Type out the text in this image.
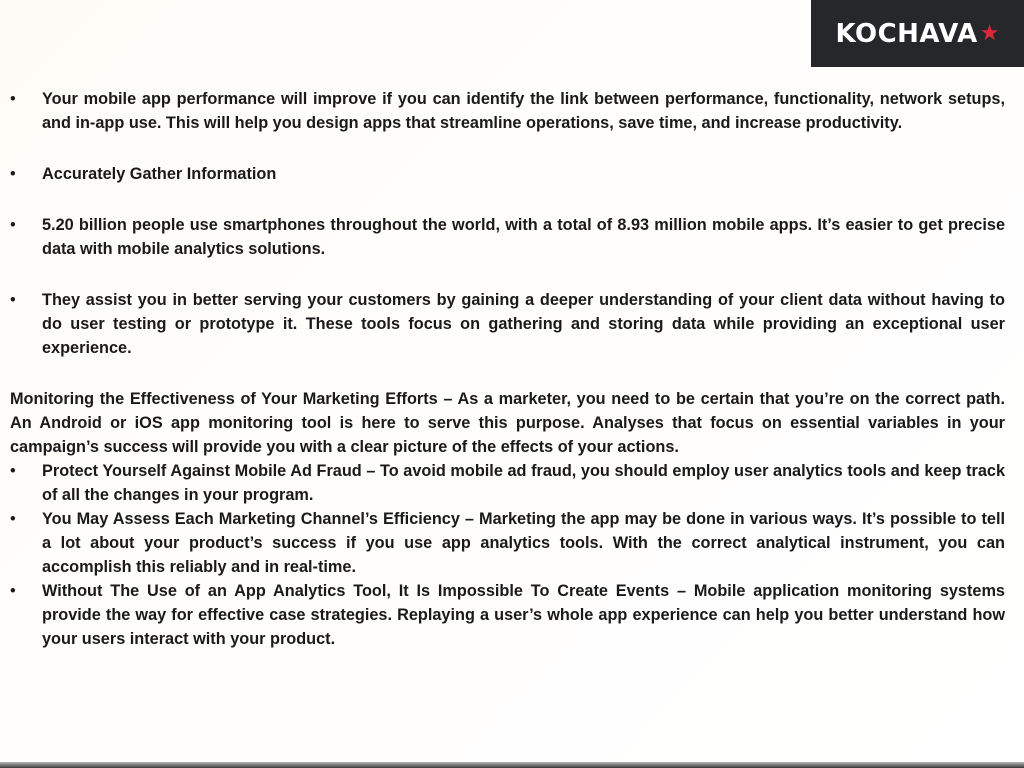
KOCHAVA ★
• Your mobile app performance will improve if you can identify the link between performance, functionality, network setups, and in-app use. This will help you design apps that streamline operations, save time, and increase productivity.
• Accurately Gather Information
• 5.20 billion people use smartphones throughout the world, with a total of 8.93 million mobile apps. It’s easier to get precise data with mobile analytics solutions.
• They assist you in better serving your customers by gaining a deeper understanding of your client data without having to do user testing or prototype it. These tools focus on gathering and storing data while providing an exceptional user experience.

Monitoring the Effectiveness of Your Marketing Efforts – As a marketer, you need to be certain that you’re on the correct path. An Android or iOS app monitoring tool is here to serve this purpose. Analyses that focus on essential variables in your campaign’s success will provide you with a clear picture of the effects of your actions.

• Protect Yourself Against Mobile Ad Fraud – To avoid mobile ad fraud, you should employ user analytics tools and keep track of all the changes in your program.
• You May Assess Each Marketing Channel’s Efficiency – Marketing the app may be done in various ways. It’s possible to tell a lot about your product’s success if you use app analytics tools. With the correct analytical instrument, you can accomplish this reliably and in real-time.
• Without The Use of an App Analytics Tool, It Is Impossible To Create Events – Mobile application monitoring systems provide the way for effective case strategies. Replaying a user’s whole app experience can help you better understand how your users interact with your product.
